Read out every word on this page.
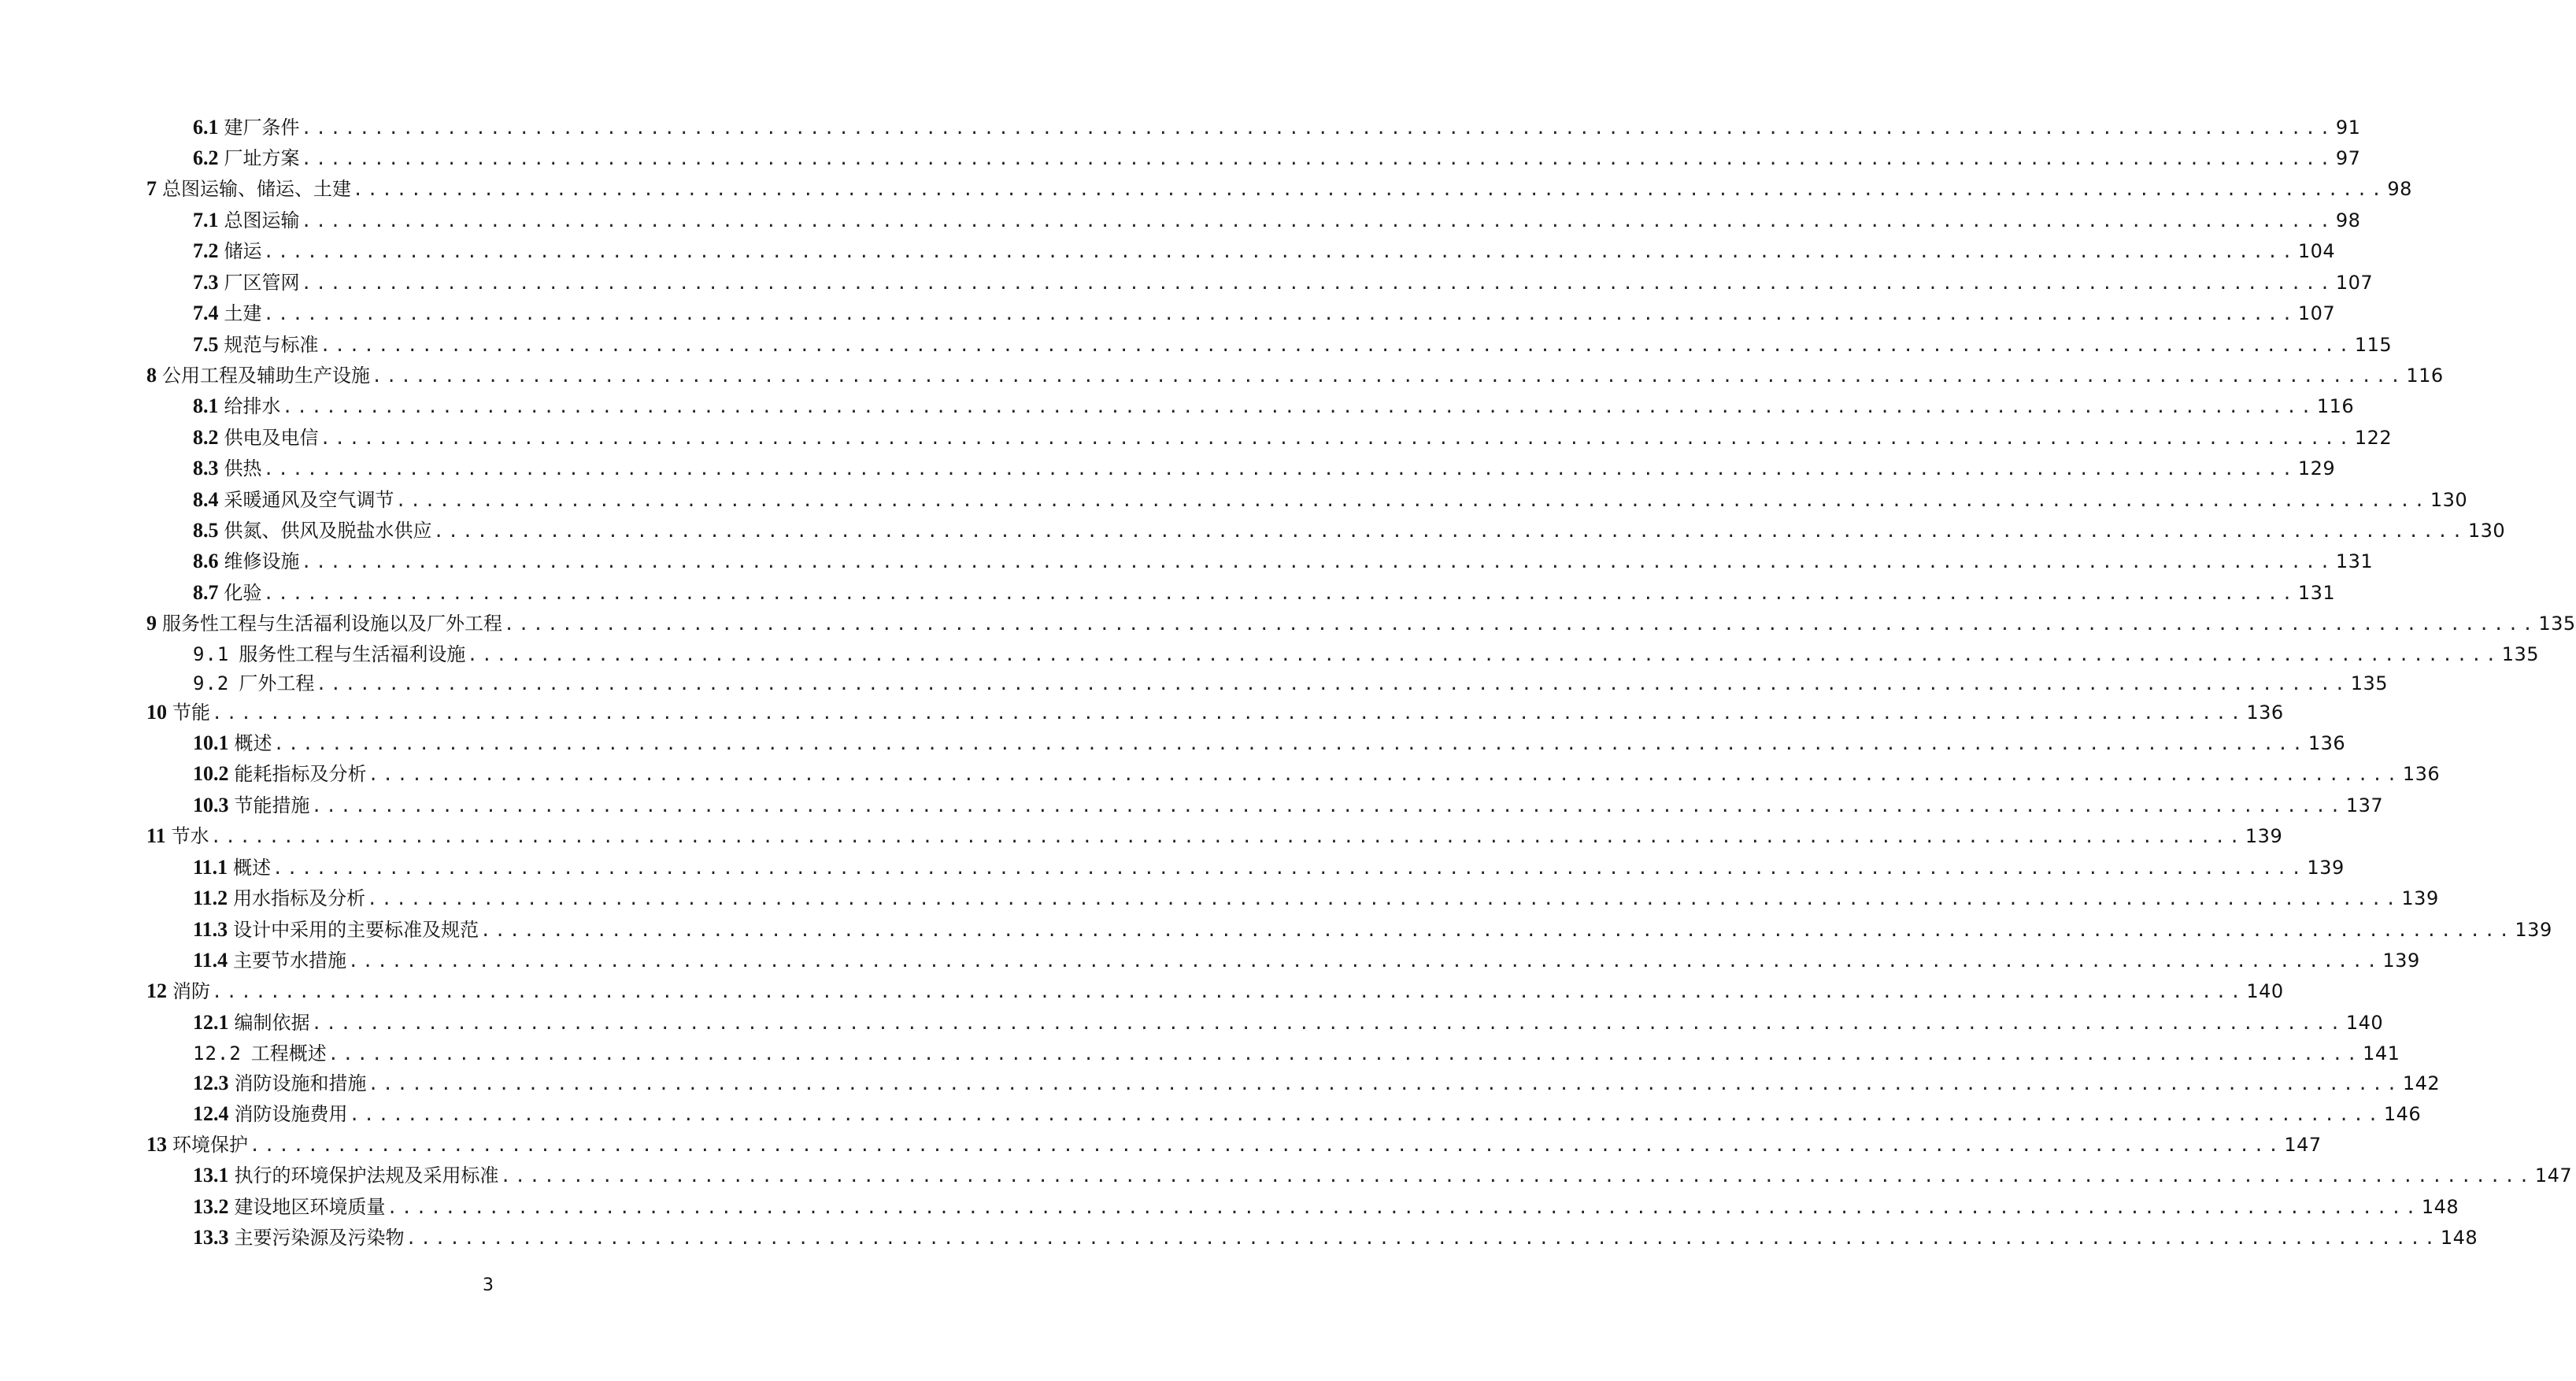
6.1 建厂条件 ............................................................................................................................................ 91
6.2 厂址方案 ............................................................................................................................................ 97
7 总图运输、储运、土建 ............................................................................................................................................ 98
7.1 总图运输 ............................................................................................................................................ 98
7.2 储运 ............................................................................................................................................ 104
7.3 厂区管网 ............................................................................................................................................ 107
7.4 土建 ............................................................................................................................................ 107
7.5 规范与标准 ............................................................................................................................................ 115
8 公用工程及辅助生产设施 ............................................................................................................................................ 116
8.1 给排水 ............................................................................................................................................ 116
8.2 供电及电信 ............................................................................................................................................ 122
8.3 供热 ............................................................................................................................................ 129
8.4 采暖通风及空气调节 ............................................................................................................................................ 130
8.5 供氮、供风及脱盐水供应 ............................................................................................................................................ 130
8.6 维修设施 ............................................................................................................................................ 131
8.7 化验 ............................................................................................................................................ 131
9 服务性工程与生活福利设施以及厂外工程 ............................................................................................................................................ 135
9.1 服务性工程与生活福利设施 ............................................................................................................................................ 135
9.2 厂外工程 ............................................................................................................................................ 135
10 节能 ............................................................................................................................................ 136
10.1 概述 ............................................................................................................................................ 136
10.2 能耗指标及分析 ............................................................................................................................................ 136
10.3 节能措施 ............................................................................................................................................ 137
11 节水 ............................................................................................................................................ 139
11.1 概述 ............................................................................................................................................ 139
11.2 用水指标及分析 ............................................................................................................................................ 139
11.3 设计中采用的主要标准及规范 ............................................................................................................................................ 139
11.4 主要节水措施 ............................................................................................................................................ 139
12 消防 ............................................................................................................................................ 140
12.1 编制依据 ............................................................................................................................................ 140
12.2 工程概述 ............................................................................................................................................ 141
12.3 消防设施和措施 ............................................................................................................................................ 142
12.4 消防设施费用 ............................................................................................................................................ 146
13 环境保护 ............................................................................................................................................ 147
13.1 执行的环境保护法规及采用标准 ............................................................................................................................................ 147
13.2 建设地区环境质量 ............................................................................................................................................ 148
13.3 主要污染源及污染物 ............................................................................................................................................ 148
3
